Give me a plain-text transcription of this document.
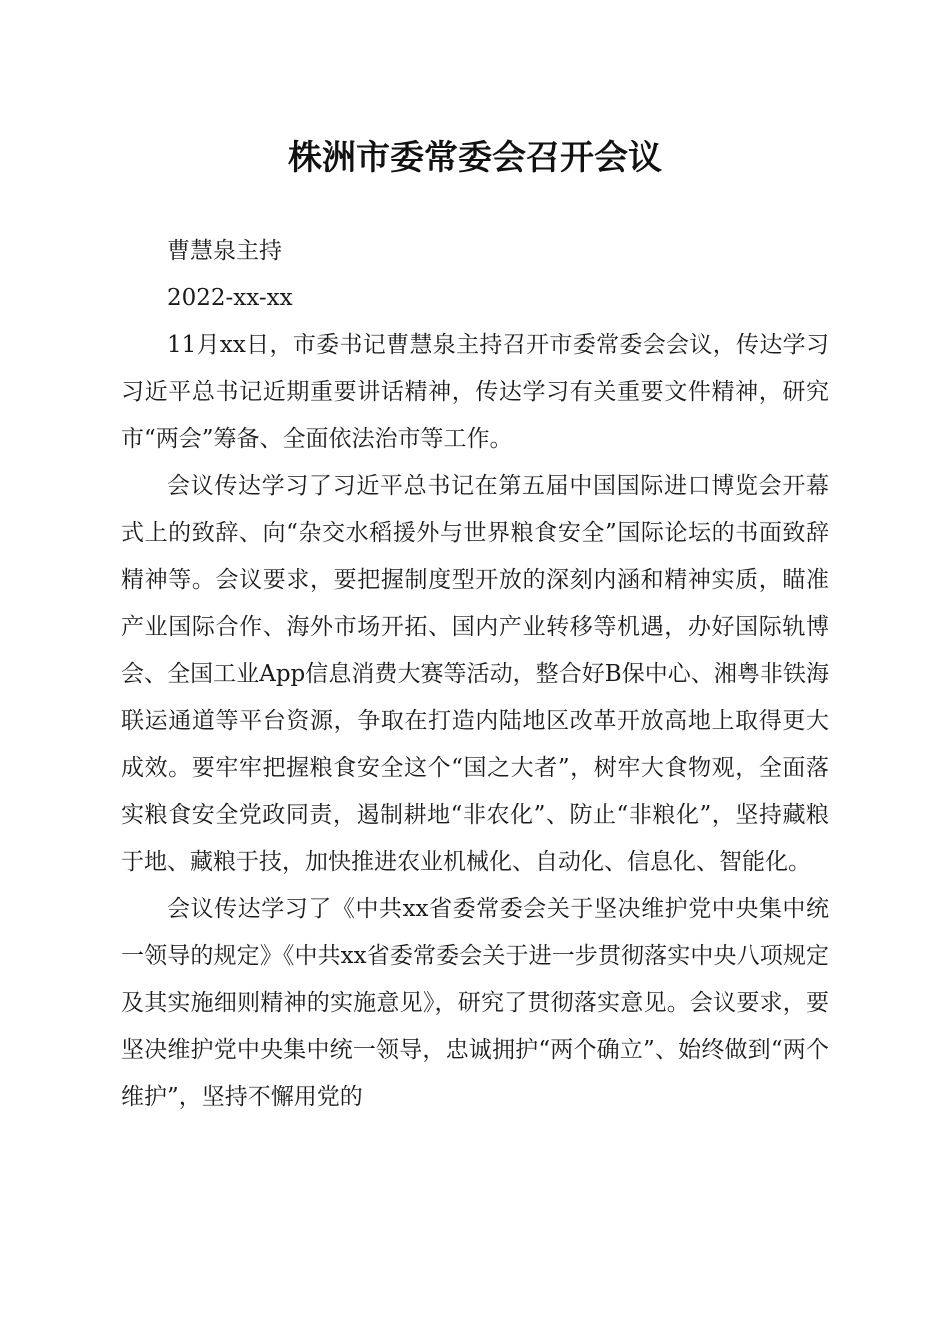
株洲市委常委会召开会议

曹慧泉主持

2022-xx-xx

11月xx日，市委书记曹慧泉主持召开市委常委会会议，传达学习习近平总书记近期重要讲话精神，传达学习有关重要文件精神，研究市“两会”筹备、全面依法治市等工作。

会议传达学习了习近平总书记在第五届中国国际进口博览会开幕式上的致辞、向“杂交水稻援外与世界粮食安全”国际论坛的书面致辞精神等。会议要求，要把握制度型开放的深刻内涵和精神实质，瞄准产业国际合作、海外市场开拓、国内产业转移等机遇，办好国际轨博会、全国工业App信息消费大赛等活动，整合好B保中心、湘粤非铁海联运通道等平台资源，争取在打造内陆地区改革开放高地上取得更大成效。要牢牢把握粮食安全这个“国之大者”，树牢大食物观，全面落实粮食安全党政同责，遏制耕地“非农化”、防止“非粮化”，坚持藏粮于地、藏粮于技，加快推进农业机械化、自动化、信息化、智能化。

会议传达学习了《中共xx省委常委会关于坚决维护党中央集中统一领导的规定》《中共xx省委常委会关于进一步贯彻落实中央八项规定及其实施细则精神的实施意见》，研究了贯彻落实意见。会议要求，要坚决维护党中央集中统一领导，忠诚拥护“两个确立”、始终做到“两个维护”，坚持不懈用党的
